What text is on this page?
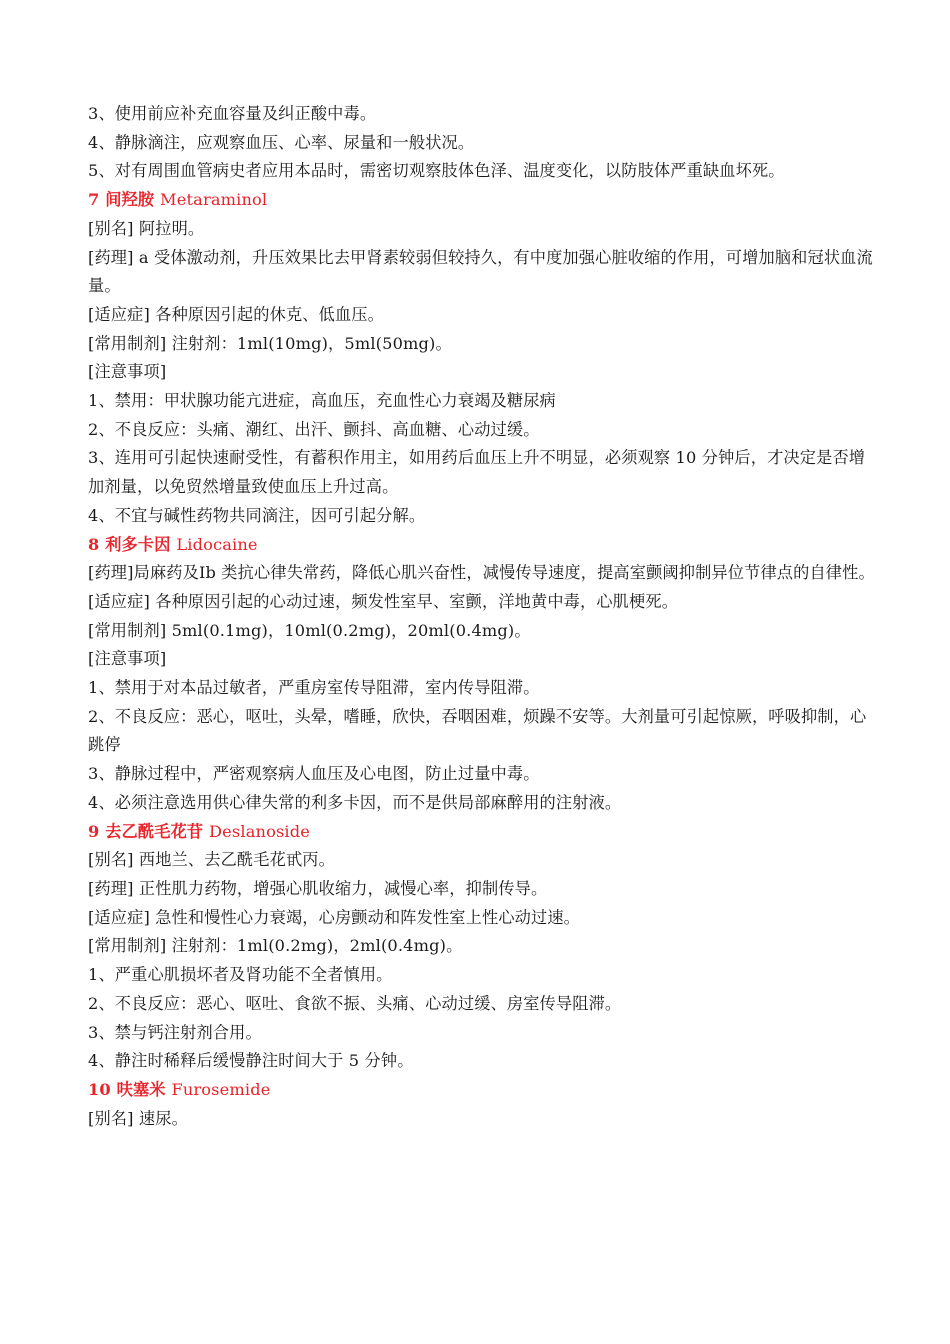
3、使用前应补充血容量及纠正酸中毒。
4、静脉滴注，应观察血压、心率、尿量和一般状况。
5、对有周围血管病史者应用本品时，需密切观察肢体色泽、温度变化，以防肢体严重缺血坏死。
7 间羟胺 Metaraminol
[别名] 阿拉明。
[药理] a 受体激动剂，升压效果比去甲肾素较弱但较持久，有中度加强心脏收缩的作用，可增加脑和冠状血流量。
[适应症] 各种原因引起的休克、低血压。
[常用制剂] 注射剂：1ml(10mg)，5ml(50mg)。
[注意事项]
1、禁用：甲状腺功能亢进症，高血压，充血性心力衰竭及糖尿病
2、不良反应：头痛、潮红、出汗、颤抖、高血糖、心动过缓。
3、连用可引起快速耐受性，有蓄积作用主，如用药后血压上升不明显，必须观察 10 分钟后，才决定是否增加剂量，以免贸然增量致使血压上升过高。
4、不宜与碱性药物共同滴注，因可引起分解。
8 利多卡因 Lidocaine
[药理]局麻药及Ⅰb 类抗心律失常药，降低心肌兴奋性，减慢传导速度，提高室颤阈抑制异位节律点的自律性。
[适应症] 各种原因引起的心动过速，频发性室早、室颤，洋地黄中毒，心肌梗死。
[常用制剂] 5ml(0.1mg)，10ml(0.2mg)，20ml(0.4mg)。
[注意事项]
1、禁用于对本品过敏者，严重房室传导阻滞，室内传导阻滞。
2、不良反应：恶心，呕吐，头晕，嗜睡，欣快，吞咽困难，烦躁不安等。大剂量可引起惊厥，呼吸抑制，心跳停
3、静脉过程中，严密观察病人血压及心电图，防止过量中毒。
4、必须注意选用供心律失常的利多卡因，而不是供局部麻醉用的注射液。
9 去乙酰毛花苷 Deslanoside
[别名] 西地兰、去乙酰毛花甙丙。
[药理] 正性肌力药物，增强心肌收缩力，减慢心率，抑制传导。
[适应症] 急性和慢性心力衰竭，心房颤动和阵发性室上性心动过速。
[常用制剂] 注射剂：1ml(0.2mg)，2ml(0.4mg)。
1、严重心肌损坏者及肾功能不全者慎用。
2、不良反应：恶心、呕吐、食欲不振、头痛、心动过缓、房室传导阻滞。
3、禁与钙注射剂合用。
4、静注时稀释后缓慢静注时间大于 5 分钟。
10 呋塞米 Furosemide
[别名] 速尿。
